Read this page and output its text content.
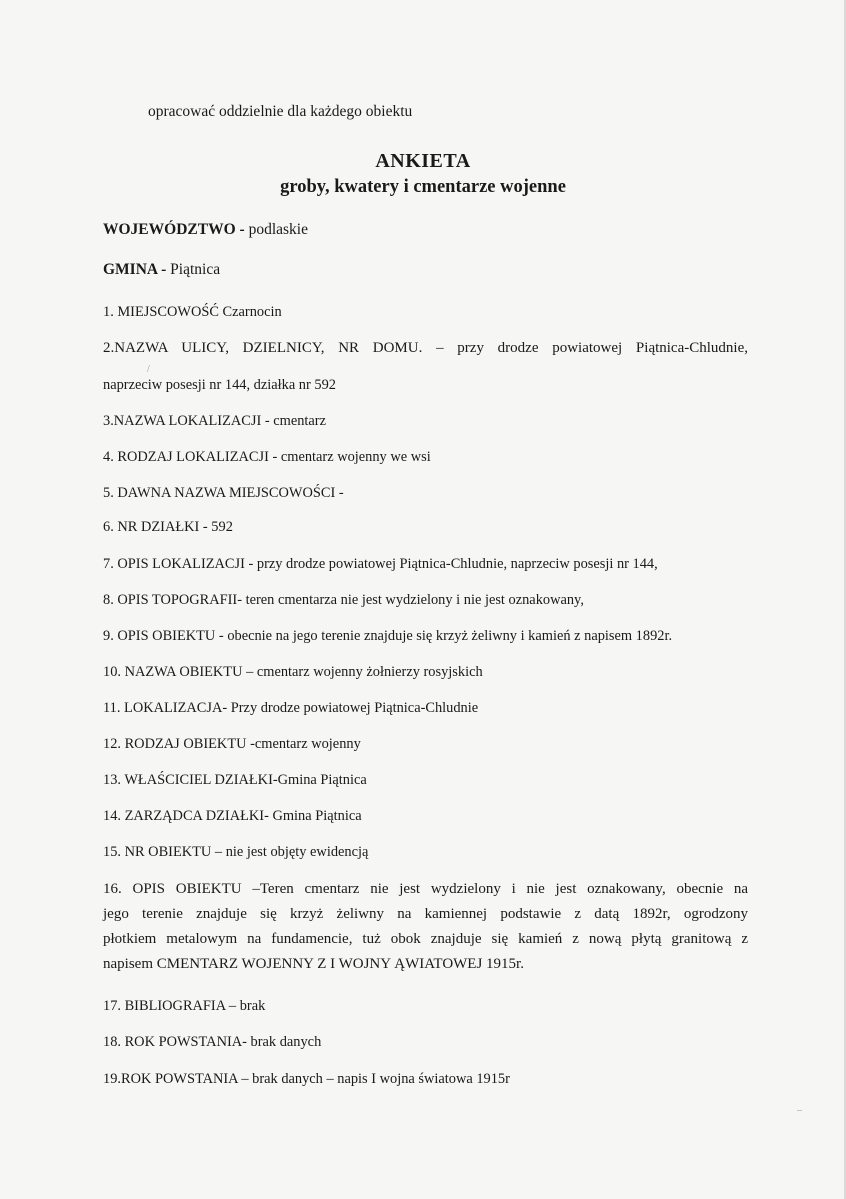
opracować oddzielnie dla każdego obiektu
ANKIETA
groby, kwatery i cmentarze wojenne
WOJEWÓDZTWO - podlaskie
GMINA - Piątnica
1. MIEJSCOWOŚĆ Czarnocin
2.NAZWA ULICY, DZIELNICY, NR DOMU. – przy drodze powiatowej Piątnica-Chludnie,
naprzeciw posesji nr 144, działka nr 592
3.NAZWA LOKALIZACJI - cmentarz
4. RODZAJ LOKALIZACJI - cmentarz wojenny we wsi
5. DAWNA NAZWA MIEJSCOWOŚCI -
6. NR DZIAŁKI - 592
7. OPIS LOKALIZACJI - przy drodze powiatowej Piątnica-Chludnie, naprzeciw posesji nr 144,
8. OPIS TOPOGRAFII- teren cmentarza nie jest wydzielony i nie jest oznakowany,
9. OPIS OBIEKTU - obecnie na jego terenie znajduje się krzyż żeliwny i kamień z napisem 1892r.
10. NAZWA OBIEKTU – cmentarz wojenny żołnierzy rosyjskich
11. LOKALIZACJA- Przy drodze powiatowej Piątnica-Chludnie
12. RODZAJ OBIEKTU -cmentarz wojenny
13. WŁAŚCICIEL DZIAŁKI-Gmina Piątnica
14. ZARZĄDCA DZIAŁKI- Gmina Piątnica
15. NR OBIEKTU – nie jest objęty ewidencją
16. OPIS OBIEKTU –Teren cmentarz nie jest wydzielony i nie jest oznakowany, obecnie na
jego terenie znajduje się krzyż żeliwny na kamiennej podstawie z datą 1892r, ogrodzony
płotkiem metalowym na fundamencie, tuż obok znajduje się kamień z nową płytą granitową z
napisem CMENTARZ WOJENNY Z I WOJNY ĄWIATOWEJ 1915r.
17. BIBLIOGRAFIA – brak
18. ROK POWSTANIA- brak danych
19.ROK POWSTANIA – brak danych – napis I wojna światowa 1915r
/
‒
